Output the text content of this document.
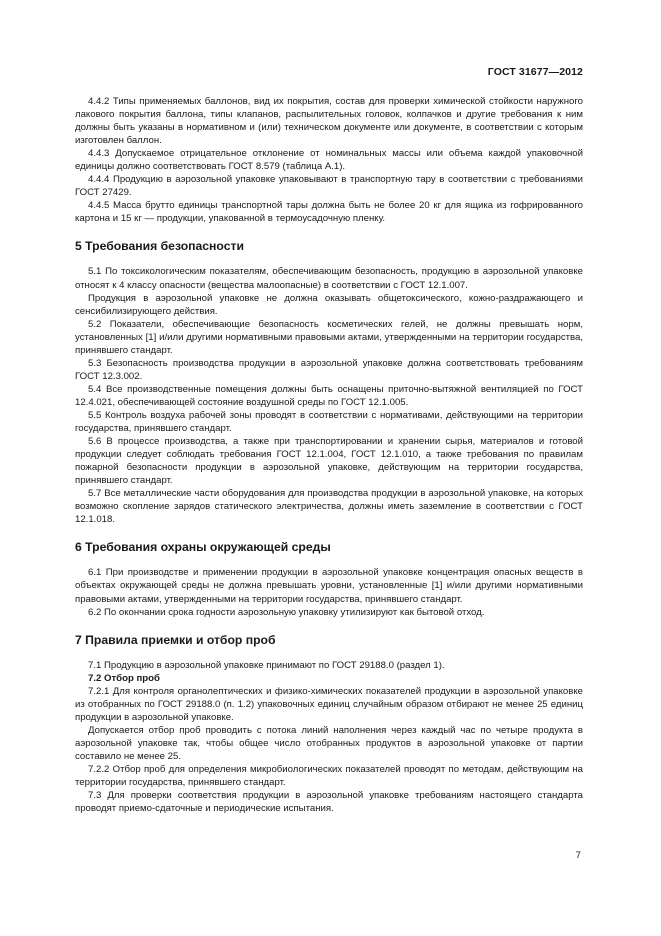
ГОСТ 31677—2012

4.4.2 Типы применяемых баллонов, вид их покрытия, состав для проверки химической стойкости наружного лакового покрытия баллона, типы клапанов, распылительных головок, колпачков и другие требования к ним должны быть указаны в нормативном и (или) техническом документе или документе, в соответствии с которым изготовлен баллон.

4.4.3 Допускаемое отрицательное отклонение от номинальных массы или объема каждой упаковочной единицы должно соответствовать ГОСТ 8.579 (таблица А.1).

4.4.4 Продукцию в аэрозольной упаковке упаковывают в транспортную тару в соответствии с требованиями ГОСТ 27429.

4.4.5 Масса брутто единицы транспортной тары должна быть не более 20 кг для ящика из гофрированного картона и 15 кг — продукции, упакованной в термоусадочную пленку.

5 Требования безопасности

5.1 По токсикологическим показателям, обеспечивающим безопасность, продукцию в аэрозольной упаковке относят к 4 классу опасности (вещества малоопасные) в соответствии с ГОСТ 12.1.007.

Продукция в аэрозольной упаковке не должна оказывать общетоксического, кожно-раздражающего и сенсибилизирующего действия.

5.2 Показатели, обеспечивающие безопасность косметических гелей, не должны превышать норм, установленных [1] и/или другими нормативными правовыми актами, утвержденными на территории государства, принявшего стандарт.

5.3 Безопасность производства продукции в аэрозольной упаковке должна соответствовать требованиям ГОСТ 12.3.002.

5.4 Все производственные помещения должны быть оснащены приточно-вытяжной вентиляцией по ГОСТ 12.4.021, обеспечивающей состояние воздушной среды по ГОСТ 12.1.005.

5.5 Контроль воздуха рабочей зоны проводят в соответствии с нормативами, действующими на территории государства, принявшего стандарт.

5.6 В процессе производства, а также при транспортировании и хранении сырья, материалов и готовой продукции следует соблюдать требования ГОСТ 12.1.004, ГОСТ 12.1.010, а также требования по правилам пожарной безопасности продукции в аэрозольной упаковке, действующим на территории государства, принявшего стандарт.

5.7 Все металлические части оборудования для производства продукции в аэрозольной упаковке, на которых возможно скопление зарядов статического электричества, должны иметь заземление в соответствии с ГОСТ 12.1.018.

6 Требования охраны окружающей среды

6.1 При производстве и применении продукции в аэрозольной упаковке концентрация опасных веществ в объектах окружающей среды не должна превышать уровни, установленные [1] и/или другими нормативными правовыми актами, утвержденными на территории государства, принявшего стандарт.

6.2 По окончании срока годности аэрозольную упаковку утилизируют как бытовой отход.

7 Правила приемки и отбор проб

7.1 Продукцию в аэрозольной упаковке принимают по ГОСТ 29188.0 (раздел 1).

7.2 Отбор проб

7.2.1 Для контроля органолептических и физико-химических показателей продукции в аэрозольной упаковке из отобранных по ГОСТ 29188.0 (п. 1.2) упаковочных единиц случайным образом отбирают не менее 25 единиц продукции в аэрозольной упаковке.

Допускается отбор проб проводить с потока линий наполнения через каждый час по четыре продукта в аэрозольной упаковке так, чтобы общее число отобранных продуктов в аэрозольной упаковке от партии составило не менее 25.

7.2.2 Отбор проб для определения микробиологических показателей проводят по методам, действующим на территории государства, принявшего стандарт.

7.3 Для проверки соответствия продукции в аэрозольной упаковке требованиям настоящего стандарта проводят приемо-сдаточные и периодические испытания.

7
